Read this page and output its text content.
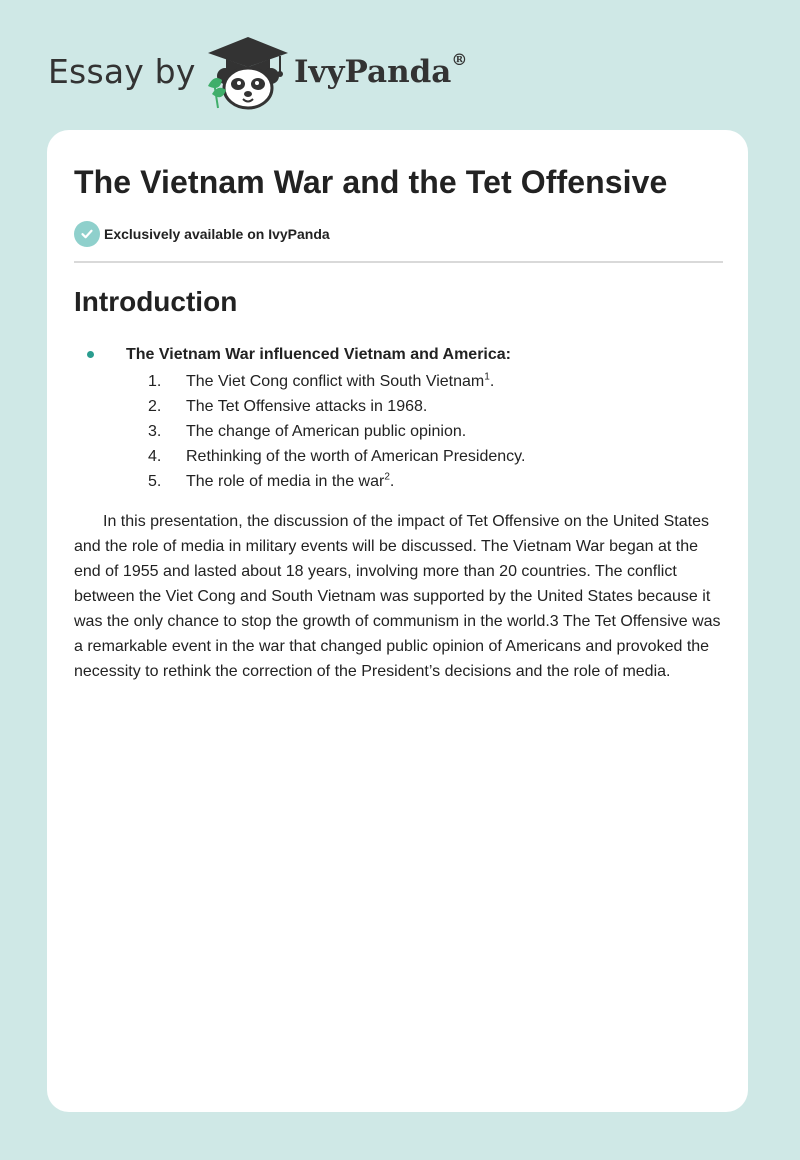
Essay by	IvyPanda®
The Vietnam War and the Tet Offensive
Exclusively available on IvyPanda
Introduction
The Vietnam War influenced Vietnam and America:
1. The Viet Cong conflict with South Vietnam$^1$.
2. The Tet Offensive attacks in 1968.
3. The change of American public opinion.
4. Rethinking of the worth of American Presidency.
5. The role of media in the war$^2$.

In this presentation, the discussion of the impact of Tet Offensive on the United States and the role of media in military events will be discussed. The Vietnam War began at the end of 1955 and lasted about 18 years, involving more than 20 countries. The conflict between the Viet Cong and South Vietnam was supported by the United States because it was the only chance to stop the growth of communism in the world.3 The Tet Offensive was a remarkable event in the war that changed public opinion of Americans and provoked the necessity to rethink the correction of the President’s decisions and the role of media.
